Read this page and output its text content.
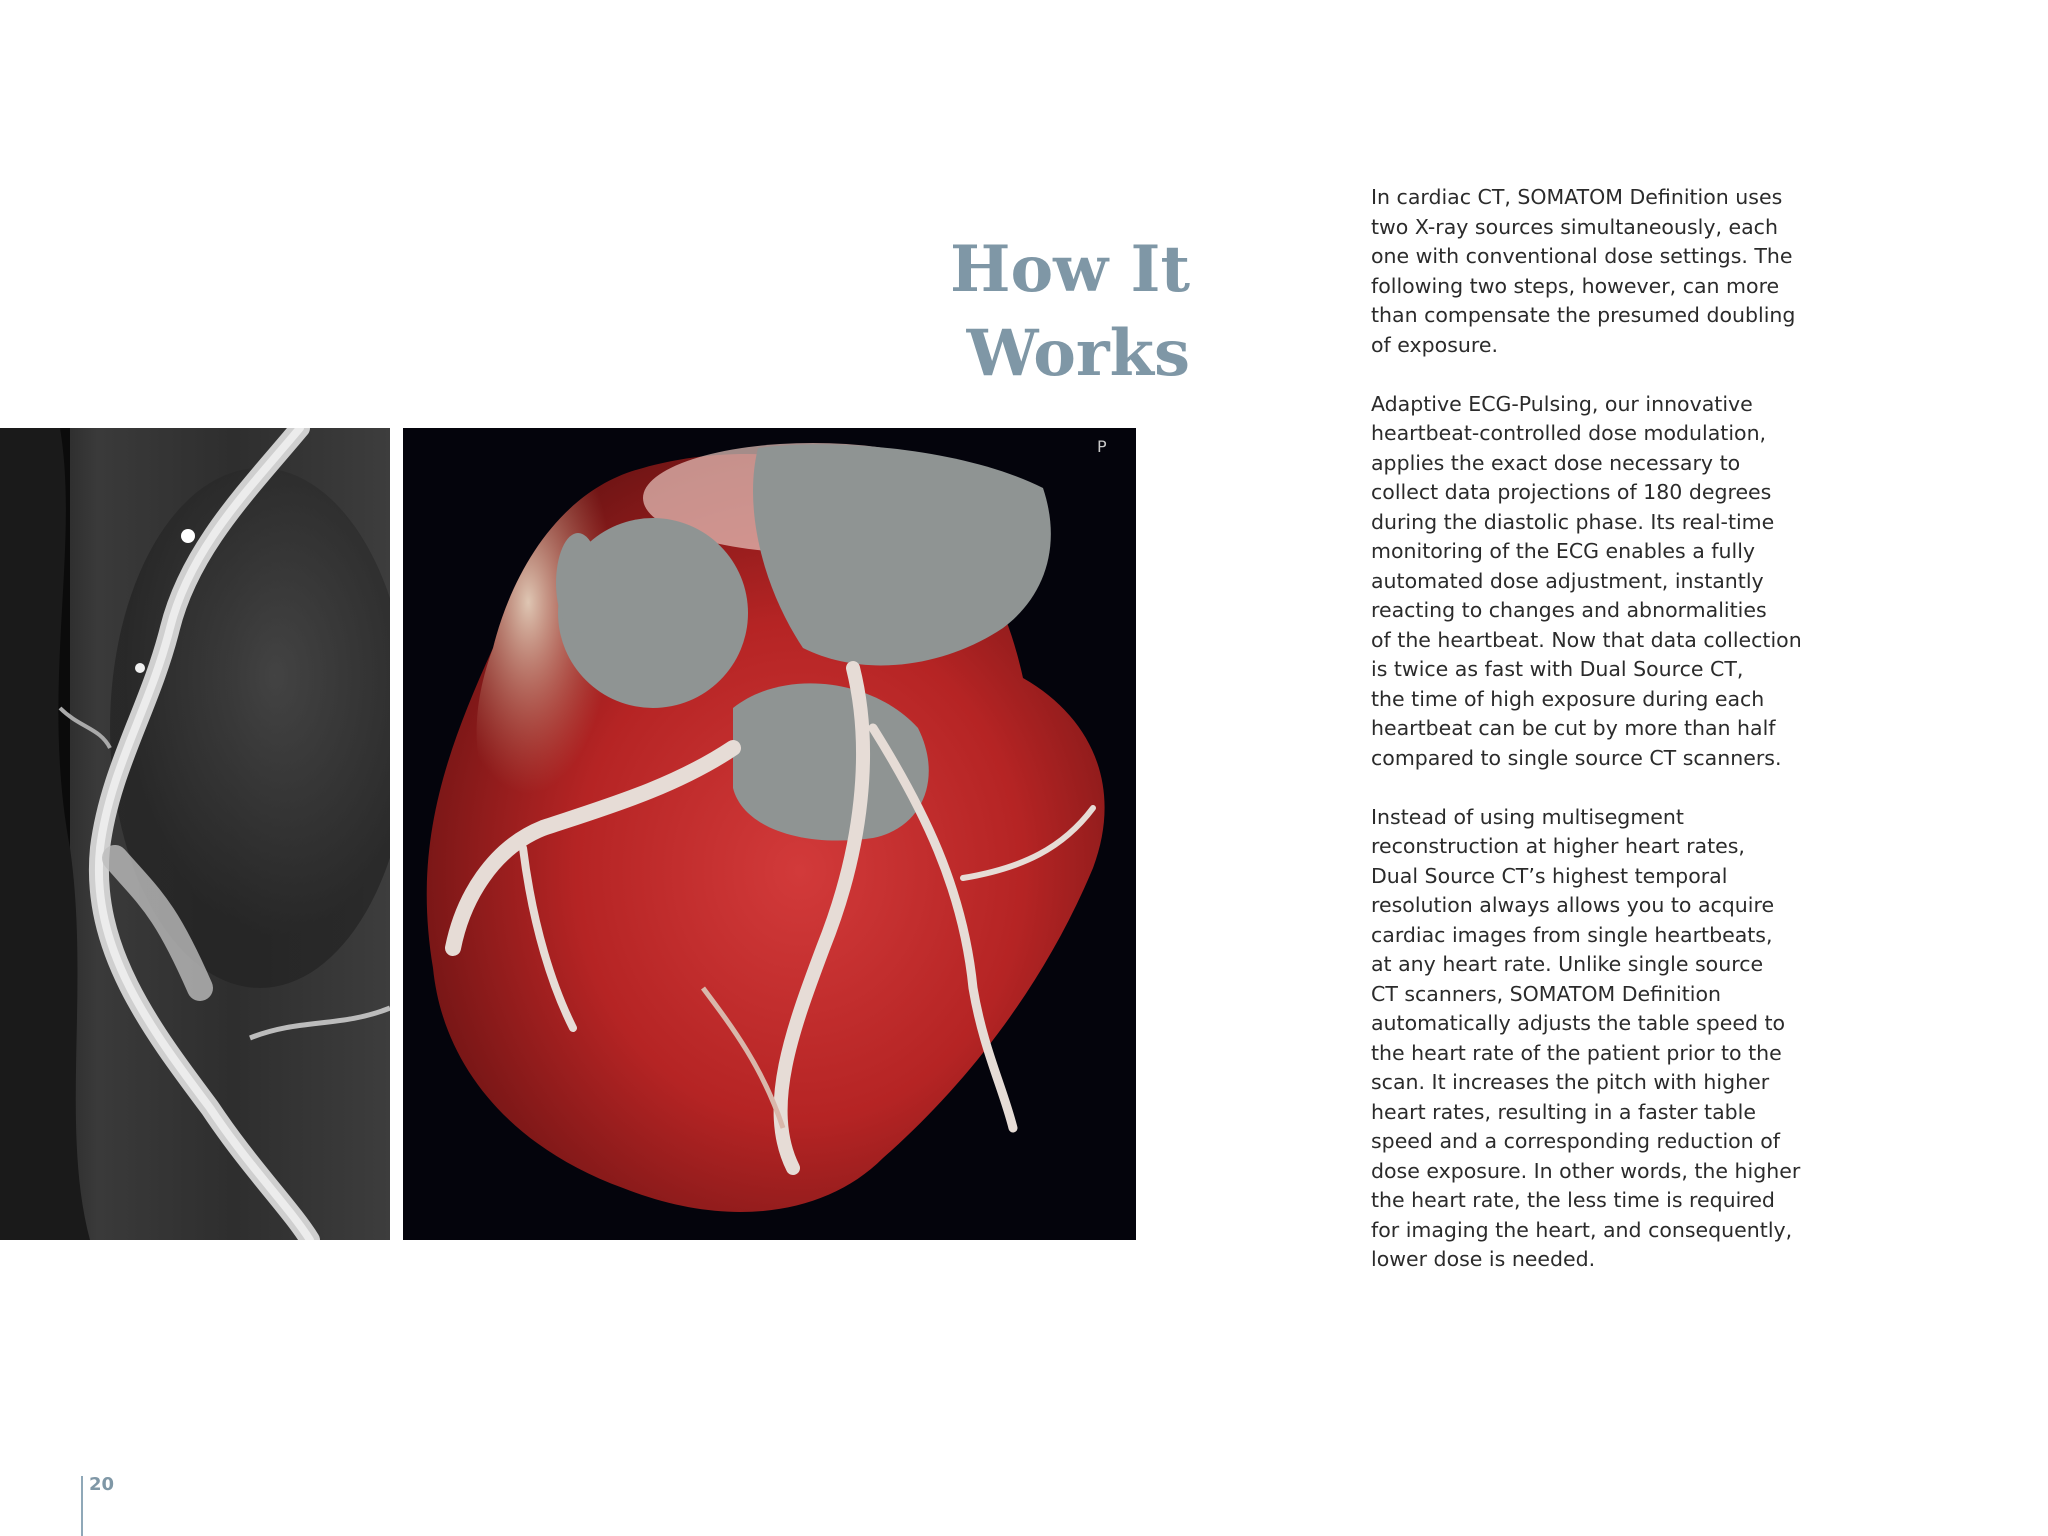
How It Works

In cardiac CT, SOMATOM Definition uses
two X-ray sources simultaneously, each
one with conventional dose settings. The
following two steps, however, can more
than compensate the presumed doubling
of exposure.

Adaptive ECG-Pulsing, our innovative
heartbeat-controlled dose modulation,
applies the exact dose necessary to
collect data projections of 180 degrees
during the diastolic phase. Its real-time
monitoring of the ECG enables a fully
automated dose adjustment, instantly
reacting to changes and abnormalities
of the heartbeat. Now that data collection
is twice as fast with Dual Source CT,
the time of high exposure during each
heartbeat can be cut by more than half
compared to single source CT scanners.

Instead of using multisegment
reconstruction at higher heart rates,
Dual Source CT’s highest temporal
resolution always allows you to acquire
cardiac images from single heartbeats,
at any heart rate. Unlike single source
CT scanners, SOMATOM Definition
automatically adjusts the table speed to
the heart rate of the patient prior to the
scan. It increases the pitch with higher
heart rates, resulting in a faster table
speed and a corresponding reduction of
dose exposure. In other words, the higher
the heart rate, the less time is required
for imaging the heart, and consequently,
lower dose is needed.

P
20
